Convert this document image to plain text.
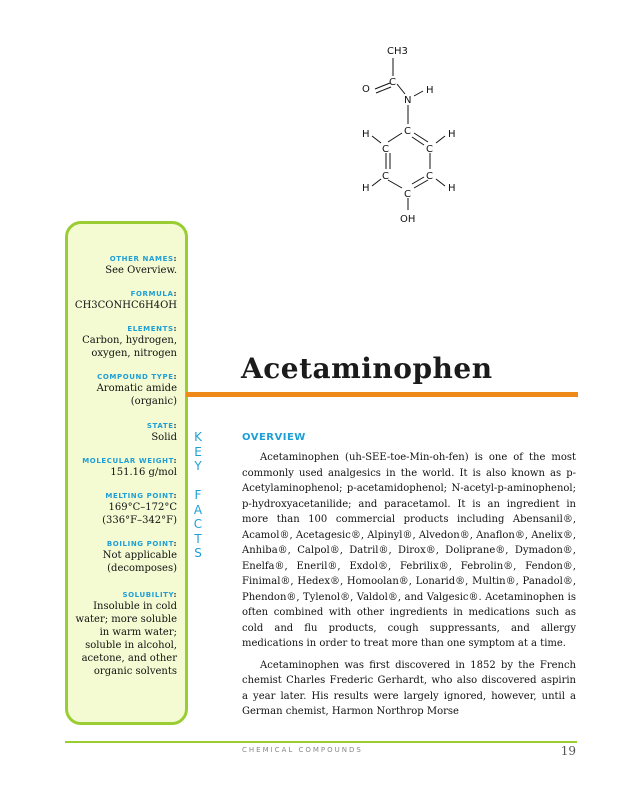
CH3
O
C
N
H
C
C	C
C	C
C
H
H
H
H
OH
OTHER NAMES:
See Overview.
FORMULA:
CH3CONHC6H4OH
ELEMENTS:
Carbon, hydrogen, oxygen, nitrogen
COMPOUND TYPE:
Aromatic amide (organic)
STATE:
Solid
MOLECULAR WEIGHT:
151.16 g/mol
MELTING POINT:
169°C–172°C (336°F–342°F)
BOILING POINT:
Not applicable (decomposes)
SOLUBILITY:
Insoluble in cold water; more soluble in warm water; soluble in alcohol, acetone, and other organic solvents
K
E
Y

F
A
C
T
S
Acetaminophen
OVERVIEW

Acetaminophen (uh-SEE-toe-Min-oh-fen) is one of the most commonly used analgesics in the world. It is also known as p-Acetylaminophenol; p-acetamidophenol; N-acetyl-p-aminophenol; p-hydroxyacetanilide; and paracetamol. It is an ingredient in more than 100 commercial products including Abensanil®, Acamol®, Acetagesic®, Alpinyl®, Alvedon®, Anaflon®, Anelix®, Anhiba®, Calpol®, Datril®, Dirox®, Doliprane®, Dymadon®, Enelfa®, Eneril®, Exdol®, Febrilix®, Febrolin®, Fendon®, Finimal®, Hedex®, Homoolan®, Lonarid®, Multin®, Panadol®, Phendon®, Tylenol®, Valdol®, and Valgesic®. Acetaminophen is often combined with other ingredients in medications such as cold and flu products, cough suppressants, and allergy medications in order to treat more than one symptom at a time.

Acetaminophen was first discovered in 1852 by the French chemist Charles Frederic Gerhardt, who also discovered aspirin a year later. His results were largely ignored, however, until a German chemist, Harmon Northrop Morse

CHEMICAL COMPOUNDS	19
